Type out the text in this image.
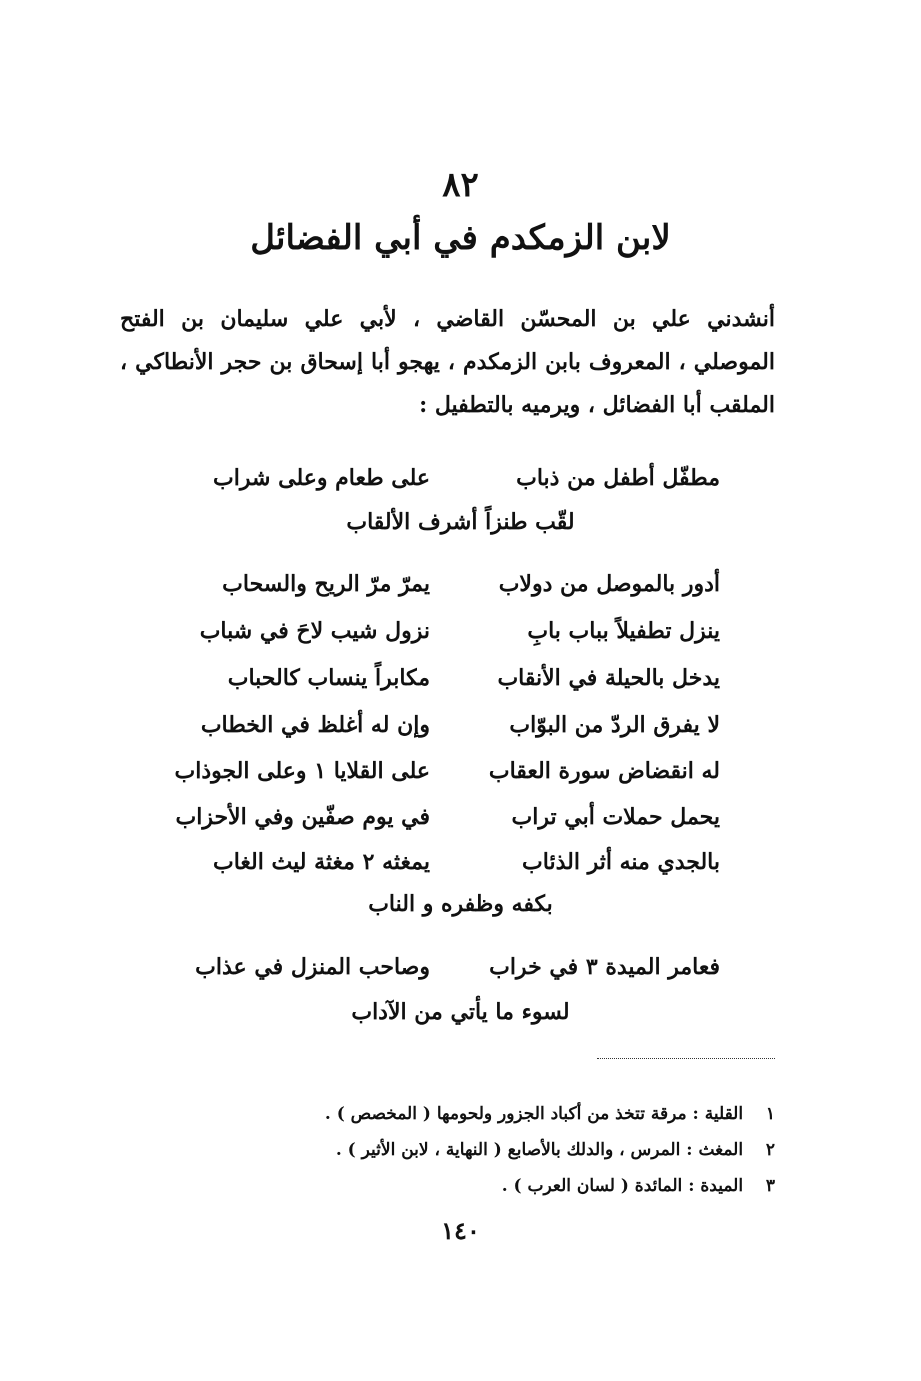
٨٢
لابن الزمكدم في أبي الفضائل
أنشدني علي بن المحسّن القاضي ، لأبي علي سليمان بن الفتح الموصلي ، المعروف بابن الزمكدم ، يهجو أبا إسحاق بن حجر الأنطاكي ، الملقب أبا الفضائل ، ويرميه بالتطفيل :
مطفّل أطفل من ذباب
على طعام وعلى شراب
لقّب طنزاً أشرف الألقاب
أدور بالموصل من دولاب
يمرّ مرّ الريح والسحاب
ينزل تطفيلاً بباب بابِ
نزول شيب لاحَ في شباب
يدخل بالحيلة في الأنقاب
مكابراً ينساب كالحباب
لا يفرق الردّ من البوّاب
وإن له أغلظ في الخطاب
له انقضاض سورة العقاب
على القلايا ١ وعلى الجوذاب
يحمل حملات أبي تراب
في يوم صفّين وفي الأحزاب
بالجدي منه أثر الذئاب
يمغثه ٢ مغثة ليث الغاب
بكفه وظفره و الناب
فعامر الميدة ٣ في خراب
وصاحب المنزل في عذاب
لسوء ما يأتي من الآداب
١ القلية : مرقة تتخذ من أكباد الجزور ولحومها ( المخصص ) .
٢ المغث : المرس ، والدلك بالأصابع ( النهاية ، لابن الأثير ) .
٣ الميدة : المائدة ( لسان العرب ) .
١٤٠
